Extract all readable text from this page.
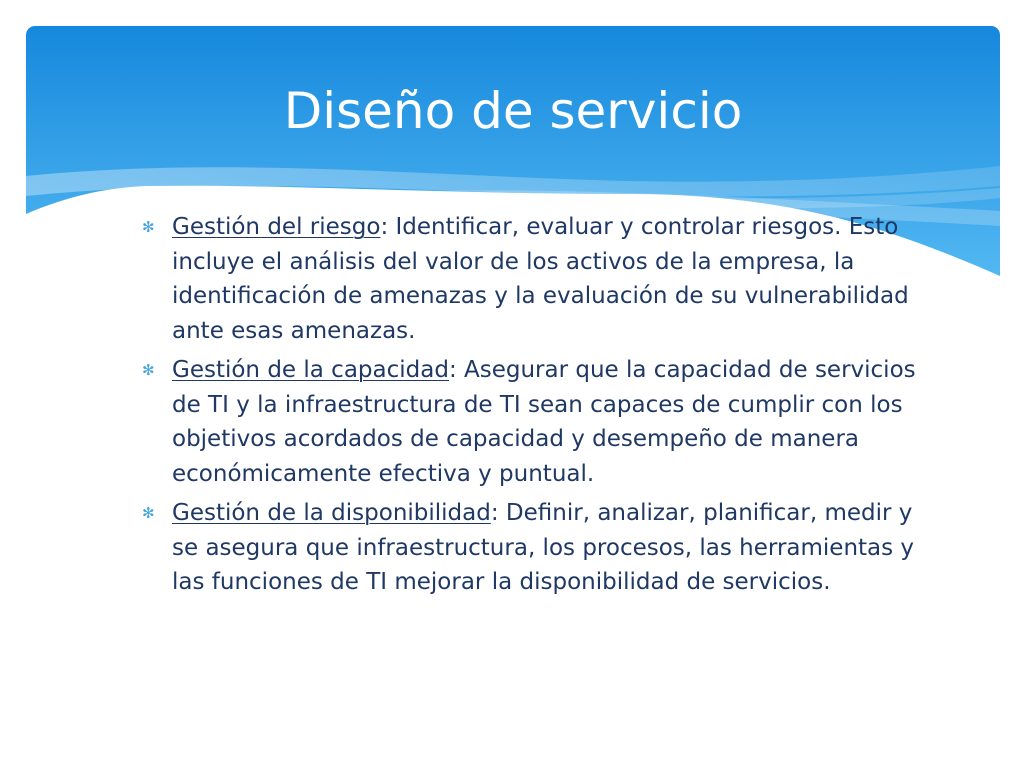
Diseño de servicio

✻ Gestión del riesgo: Identificar, evaluar y controlar riesgos. Esto incluye el análisis del valor de los activos de la empresa, la identificación de amenazas y la evaluación de su vulnerabilidad ante esas amenazas.

✻ Gestión de la capacidad: Asegurar que la capacidad de servicios de TI y la infraestructura de TI sean capaces de cumplir con los objetivos acordados de capacidad y desempeño de manera económicamente efectiva y puntual.

✻ Gestión de la disponibilidad: Definir, analizar, planificar, medir y se asegura que infraestructura, los procesos, las herramientas y las funciones de TI mejorar la disponibilidad de servicios.
